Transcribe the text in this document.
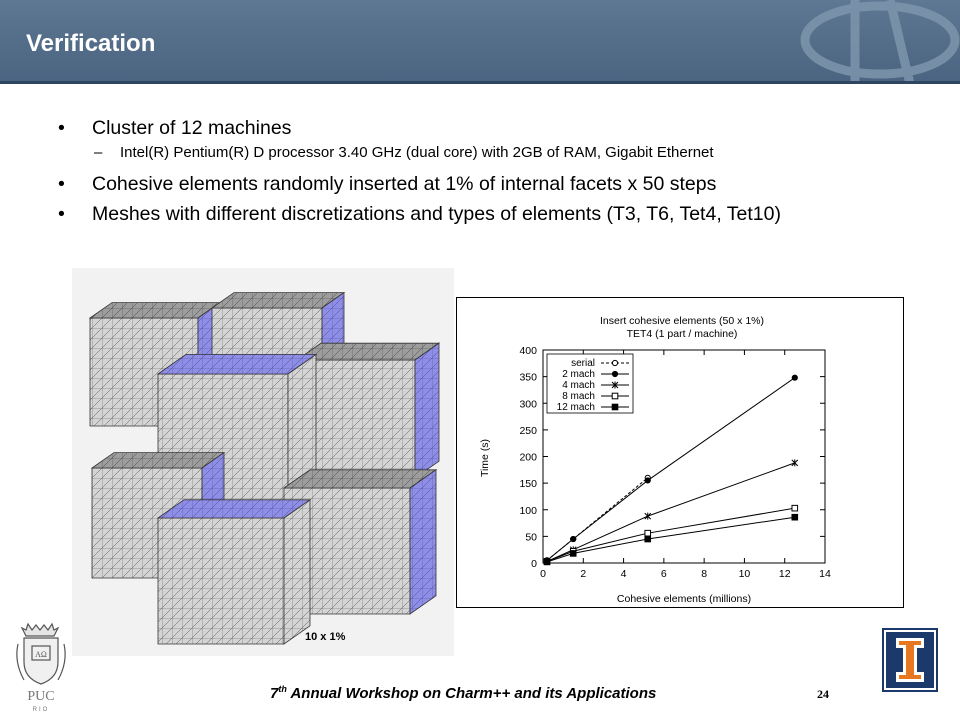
Verification
• Cluster of 12 machines
– Intel(R) Pentium(R) D processor 3.40 GHz (dual core) with 2GB of RAM, Gigabit Ethernet
• Cohesive elements randomly inserted at 1% of internal facets x 50 steps
• Meshes with different discretizations and types of elements (T3, T6, Tet4, Tet10)
10 x 1%
Insert cohesive elements (50 x 1%)
TET4 (1 part / machine)
Cohesive elements (millions)
Time (s)
0	2	4	6	8	10	12	14
0
50
100
150
200
250
300
350
400
serial
2 mach
4 mach
8 mach
12 mach
AΩ
PUC
RIO
7th Annual Workshop on Charm++ and its Applications	24
